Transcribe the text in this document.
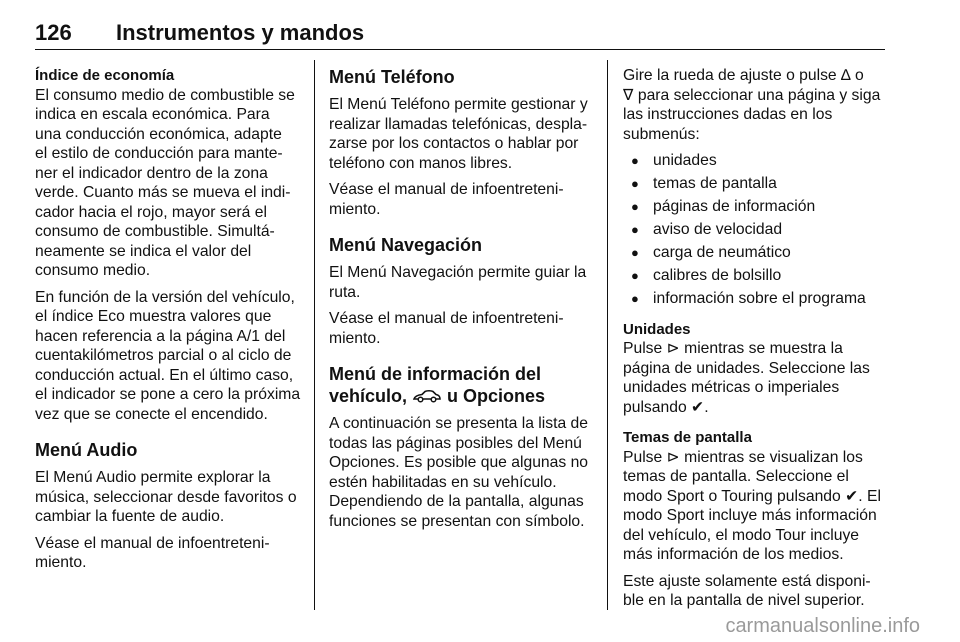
126 Instrumentos y mandos
Índice de economía

El consumo medio de combustible se
indica en escala económica. Para
una conducción económica, adapte
el estilo de conducción para mante-
ner el indicador dentro de la zona
verde. Cuanto más se mueva el indi-
cador hacia el rojo, mayor será el
consumo de combustible. Simultá-
neamente se indica el valor del
consumo medio.

En función de la versión del vehículo,
el índice Eco muestra valores que
hacen referencia a la página A/1 del
cuentakilómetros parcial o al ciclo de
conducción actual. En el último caso,
el indicador se pone a cero la próxima
vez que se conecte el encendido.

Menú Audio

El Menú Audio permite explorar la
música, seleccionar desde favoritos o
cambiar la fuente de audio.

Véase el manual de infoentreteni-
miento.

Menú Teléfono

El Menú Teléfono permite gestionar y
realizar llamadas telefónicas, despla-
zarse por los contactos o hablar por
teléfono con manos libres.

Véase el manual de infoentreteni-
miento.

Menú Navegación

El Menú Navegación permite guiar la
ruta.

Véase el manual de infoentreteni-
miento.

Menú de información del
vehículo,  u Opciones

A continuación se presenta la lista de
todas las páginas posibles del Menú
Opciones. Es posible que algunas no
estén habilitadas en su vehículo.
Dependiendo de la pantalla, algunas
funciones se presentan con símbolo.

Gire la rueda de ajuste o pulse ∆ o
∇ para seleccionar una página y siga
las instrucciones dadas en los
submenús:

● unidades
● temas de pantalla
● páginas de información
● aviso de velocidad
● carga de neumático
● calibres de bolsillo
● información sobre el programa
Unidades

Pulse ⊳ mientras se muestra la
página de unidades. Seleccione las
unidades métricas o imperiales
pulsando ✔.

Temas de pantalla

Pulse ⊳ mientras se visualizan los
temas de pantalla. Seleccione el
modo Sport o Touring pulsando ✔. El
modo Sport incluye más información
del vehículo, el modo Tour incluye
más información de los medios.

Este ajuste solamente está disponi-
ble en la pantalla de nivel superior.

carmanualsonline.info
